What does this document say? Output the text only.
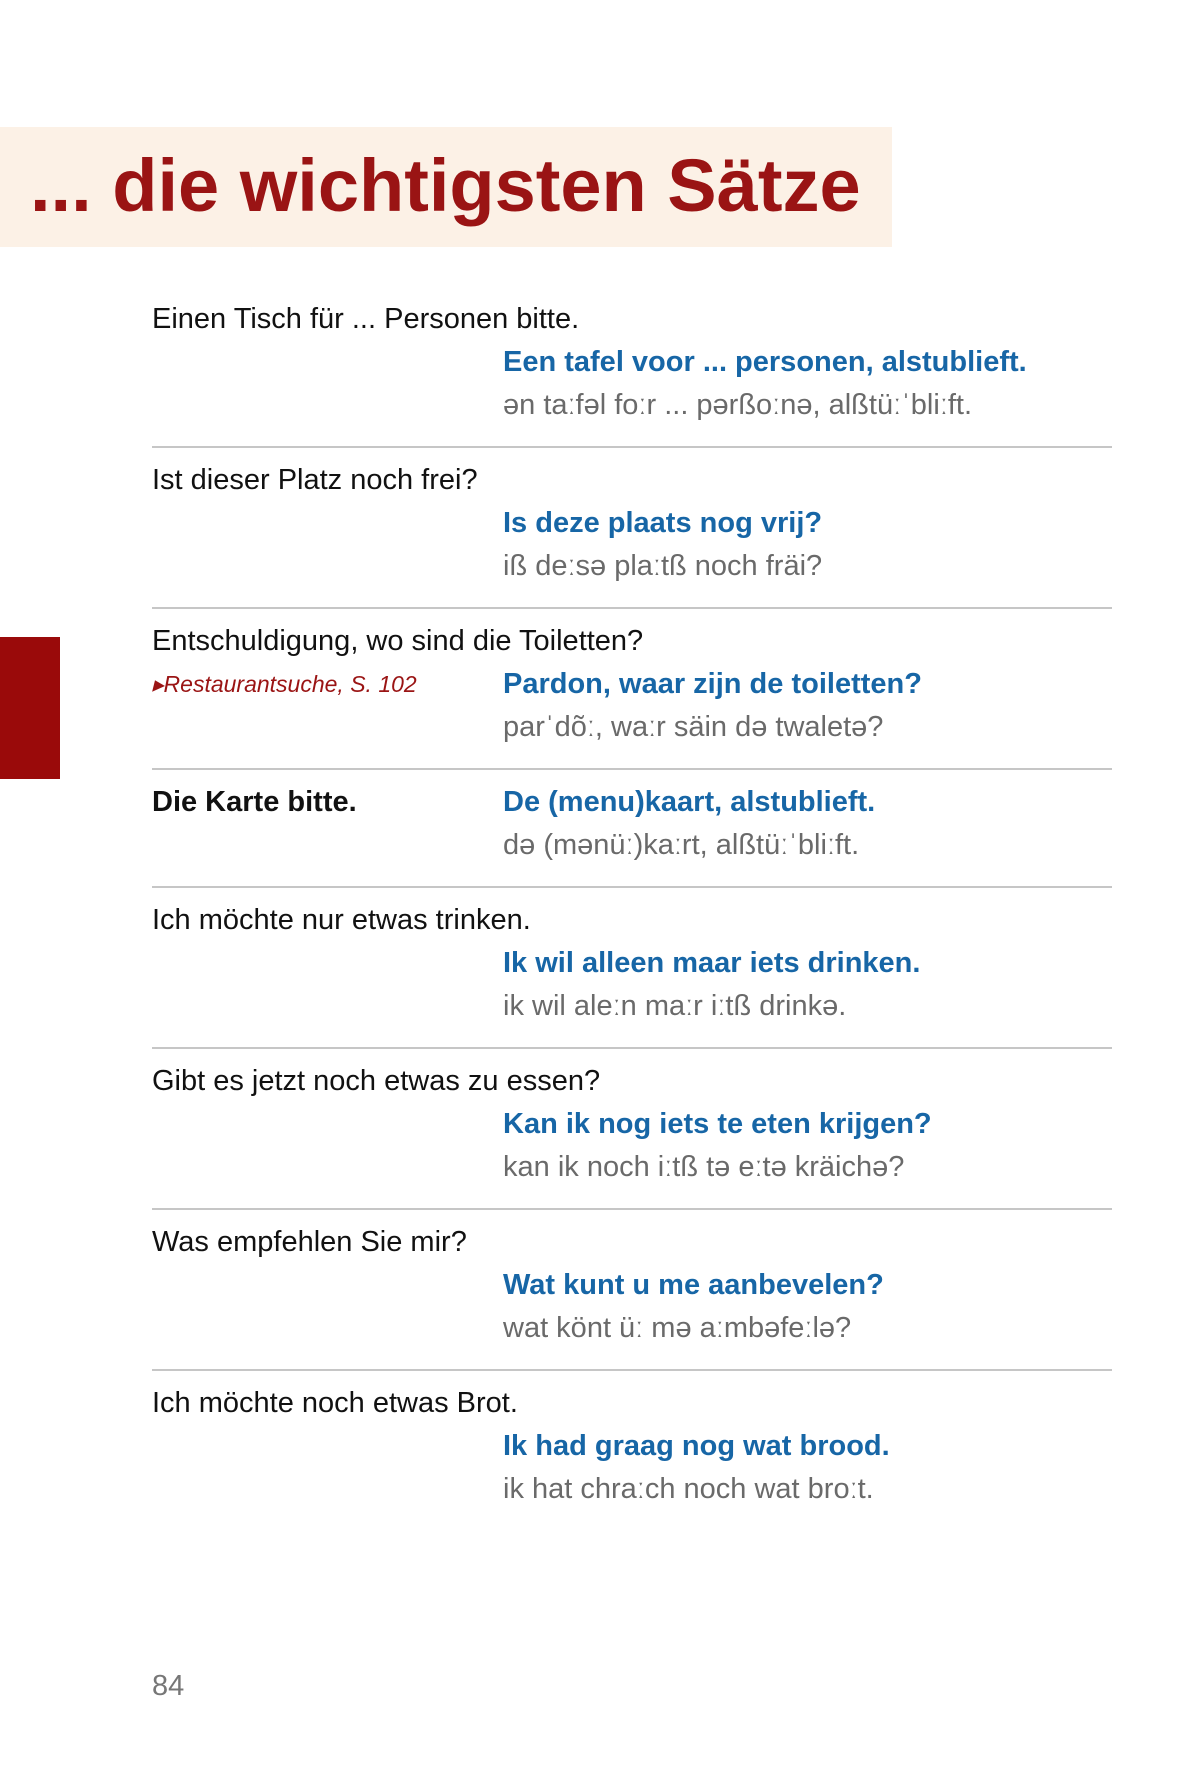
... die wichtigsten Sätze
Einen Tisch für ... Personen bitte.
Een tafel voor ... personen, alstublieft.
ən taːfəl foːr ... pərßoːnə, alßtüːˈbliːft.
Ist dieser Platz noch frei?
Is deze plaats nog vrij?
iß deːsə plaːtß noch fräi?
Entschuldigung, wo sind die Toiletten?
Pardon, waar zijn de toiletten?
▸Restaurantsuche, S. 102
parˈdõː, waːr säin də twaletə?
Die Karte bitte.	De (menu)kaart, alstublieft.
də (mənüː)kaːrt, alßtüːˈbliːft.
Ich möchte nur etwas trinken.
Ik wil alleen maar iets drinken.
ik wil aleːn maːr iːtß drinkə.
Gibt es jetzt noch etwas zu essen?
Kan ik nog iets te eten krijgen?
kan ik noch iːtß tə eːtə kräichə?
Was empfehlen Sie mir?
Wat kunt u me aanbevelen?
wat könt üː mə aːmbəfeːlə?
Ich möchte noch etwas Brot.
Ik had graag nog wat brood.
ik hat chraːch noch wat broːt.
84
